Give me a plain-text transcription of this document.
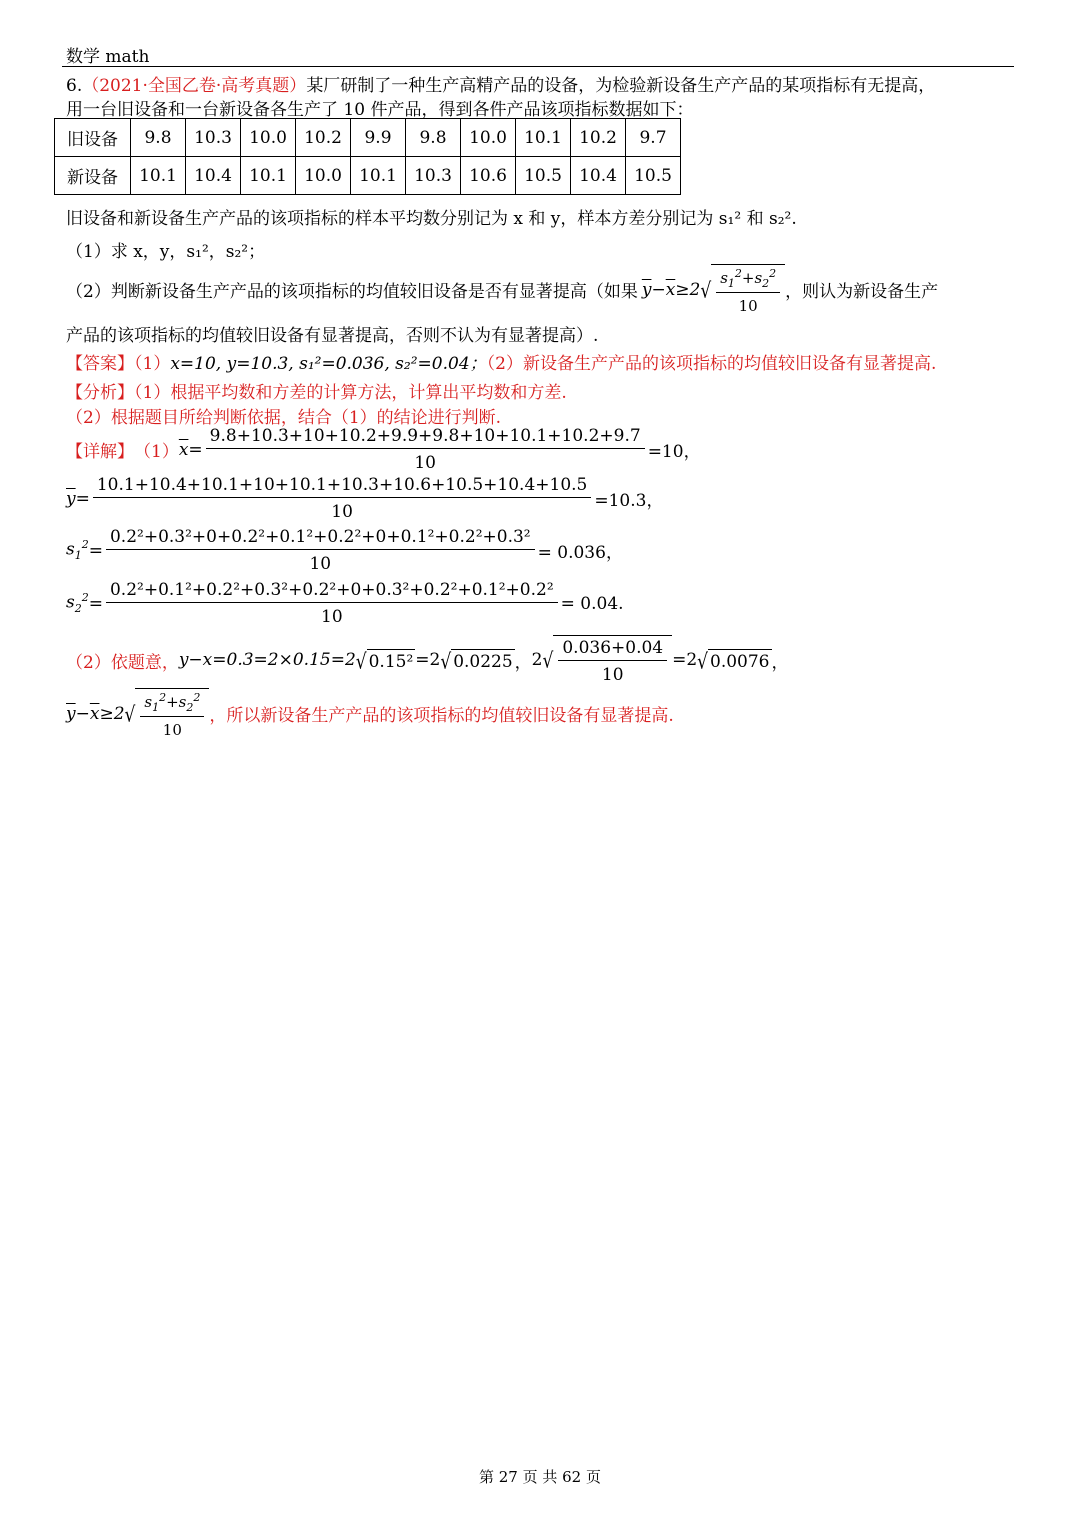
数学 math
6.（2021·全国乙卷·高考真题）某厂研制了一种生产高精产品的设备，为检验新设备生产产品的某项指标有无提高，
用一台旧设备和一台新设备各生产了 10 件产品，得到各件产品该项指标数据如下：
旧设备	9.8	10.3	10.0	10.2	9.9	9.8	10.0	10.1	10.2	9.7
新设备	10.1	10.4	10.1	10.0	10.1	10.3	10.6	10.5	10.4	10.5
旧设备和新设备生产产品的该项指标的样本平均数分别记为 x 和 y，样本方差分别记为 s₁² 和 s₂².
（1）求 x，y，s₁²，s₂²；
（2）判断新设备生产产品的该项指标的均值较旧设备是否有显著提高（如果 $\overline{y}-\overline{x}\ge 2$ √ $\frac{s_1^2+s_2^2}{10}$ ，则认为新设备生产
产品的该项指标的均值较旧设备有显著提高，否则不认为有显著提高）.
【答案】（1）x=10, y=10.3, s₁²=0.036, s₂²=0.04；（2）新设备生产产品的该项指标的均值较旧设备有显著提高.
【分析】（1）根据平均数和方差的计算方法，计算出平均数和方差.
（2）根据题目所给判断依据，结合（1）的结论进行判断.
【详解】 （1） $\overline{x} = \frac{9.8+10.3+10+10.2+9.9+9.8+10+10.1+10.2+9.7}{10} =10$，
$\overline{y} = \frac{10.1+10.4+10.1+10+10.1+10.3+10.6+10.5+10.4+10.5}{10} =10.3$，
$s_1^2 = \frac{\text{0.2²+0.3²+0+0.2²+0.1²+0.2²+0+0.1²+0.2²+0.3²}}{10} = 0.036$，
$s_2^2 = \frac{\text{0.2²+0.1²+0.2²+0.3²+0.2²+0+0.3²+0.2²+0.1²+0.2²}}{10} = 0.04$.
（2）依题意， y−x=0.3=2×0.15=2 √ 0.15² =2 √ 0.0225 ， 2 √ $\frac{0.036+0.04}{10} =2$ √ 0.0076 ，
$\overline{y}-\overline{x}\ge 2$ √ $\frac{s_1^2+s_2^2}{10}$ ，所以新设备生产产品的该项指标的均值较旧设备有显著提高.
第 27 页 共 62 页
